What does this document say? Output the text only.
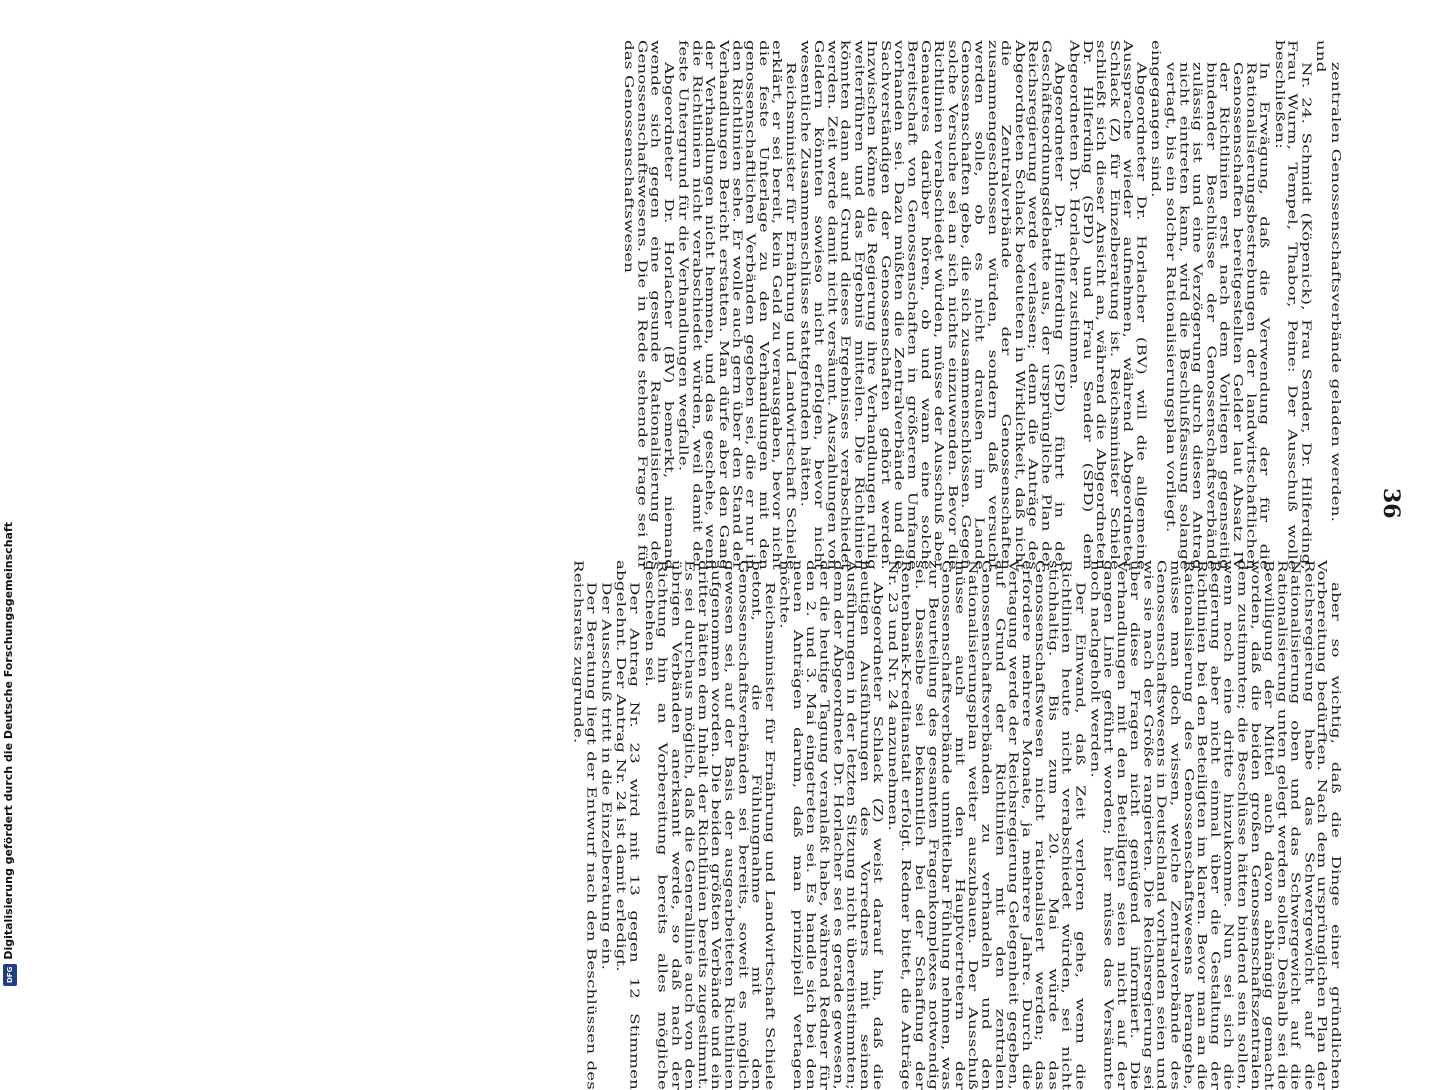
36

zentralen Genossenschaftsverbände geladen werden.

und

Nr. 24. Schmidt (Köpenick), Frau Sender, Dr. Hilferding, Frau Wurm, Tempel, Thabor, Peine: Der Ausschuß wolle beschließen:

In Erwägung, daß die Verwendung der für die Rationalisierungsbestrebungen der landwirtschaftlichen Genossenschaften bereitgestellten Gelder laut Absatz IV der Richtlinien erst nach dem Vorliegen gegenseitig bindender Beschlüsse der Genossenschaftsverbände zulässig ist und eine Verzögerung durch diesen Antrag nicht eintreten kann, wird die Beschlußfassung solange vertagt, bis ein solcher Rationalisierungsplan vorliegt.

eingegangen sind.

Abgeordneter Dr. Horlacher (BV) will die allgemeine Aussprache wieder aufnehmen, während Abgeordneter Schlack (Z) für Einzelberatung ist. Reichsminister Schiele schließt sich dieser Ansicht an, während die Abgeordneten Dr. Hilferding (SPD) und Frau Sender (SPD) dem Abgeordneten Dr. Horlacher zustimmen.

Abgeordneter Dr. Hilferding (SPD) führt in der Geschäftsordnungsdebatte aus, der ursprüngliche Plan der Reichsregierung werde verlassen; denn die Anträge des Abgeordneten Schlack bedeuteten in Wirklichkeit, daß nicht die Zentralverbände der Genossenschaften zusammengeschlossen würden, sondern daß versucht werden solle, ob es nicht draußen im Lande Genossenschaften gebe, die sich zusammenschlössen. Gegen solche Versuche sei an sich nichts einzuwenden. Bevor die Richtlinien verabschiedet würden, müsse der Ausschuß aber Genaueres darüber hören, ob und wann eine solche Bereitschaft von Genossenschaften in größerem Umfange vorhanden sei. Dazu müßten die Zentralverbände und die Sachverständigen der Genossenschaften gehört werden. Inzwischen könne die Regierung ihre Verhandlungen ruhig weiterführen und das Ergebnis mitteilen. Die Richtlinien könnten dann auf Grund dieses Ergebnisses verabschiedet werden. Zeit werde damit nicht versäumt. Auszahlungen von Geldern könnten sowieso nicht erfolgen, bevor nicht wesentliche Zusammenschlüsse stattgefunden hätten.

Reichsminister für Ernährung und Landwirtschaft Schiele erklärt, er sei bereit, kein Geld zu verausgaben, bevor nicht die feste Unterlage zu den Verhandlungen mit den genossenschaftlichen Verbänden gegeben sei, die er nur in den Richtlinien sehe. Er wolle auch gern über den Stand der Verhandlungen Bericht erstatten. Man dürfe aber den Gang der Verhandlungen nicht hemmen, und das geschehe, wenn die Richtlinien nicht verabschiedet würden, weil damit der feste Untergrund für die Verhandlungen wegfalle.

Abgeordneter Dr. Horlacher (BV) bemerkt, niemand wende sich gegen eine gesunde Rationalisierung des Genossenschaftswesens. Die in Rede stehende Frage sei für das Genossenschaftswesen

aber so wichtig, daß die Dinge einer gründlichen Vorbereitung bedürften. Nach dem ursprünglichen Plan der Reichsregierung habe das Schwergewicht auf die Nationalisierung oben und das Schwergewicht auf die Rationalisierung unten gelegt werden sollen. Deshalb sei die Bewilligung der Mittel auch davon abhängig gemacht worden, daß die beiden großen Genossenschaftszentralen dem zustimmten; die Beschlüsse hätten bindend sein sollen, wenn noch eine dritte hinzukomme. Nun sei sich die Regierung aber nicht einmal über die Gestaltung der Richtlinien bei den Beteiligten im klaren. Bevor man an die Rationalisierung des Genossenschaftswesens herangehe, müsse man doch wissen, welche Zentralverbände des Genossenschaftswesens in Deutschland vorhanden seien und wie sie nach der Größe rangierten. Die Reichsregierung sei über diese Fragen nicht genügend informiert. Die Verhandlungen mit den Beteiligten seien nicht auf der gangen Linie geführt worden; hier müsse das Versäumte noch nachgeholt werden.

Der Einwand, daß Zeit verloren gehe, wenn die Richtlinien heute nicht verabschiedet würden, sei nicht stichhaltig. Bis zum 20. Mai würde das Genossenschaftswesen nicht rationalisiert werden; das erfordere mehrere Monate, ja mehrere Jahre. Durch die Vertagung werde der Reichsregierung Gelegenheit gegeben, auf Grund der Richtlinien mit den zentralen Genossenschaftsverbänden zu verhandeln und den Nationalisierungsplan weiter auszubauen. Der Ausschuß müsse auch mit den Hauptvertretern der Genossenschaftsverbände unmittelbar Fühlung nehmen, was zur Beurteilung des gesamten Fragenkomplexes notwendig sei. Dasselbe sei bekanntlich bei der Schaffung der Rentenbank-Kreditanstalt erfolgt. Redner bittet, die Anträge Nr. 23 und Nr. 24 anzunehmen.

Abgeordneter Schlack (Z) weist darauf hin, daß die heutigen Ausführungen des Vorredners mit seinen Ausführungen in der letzten Sitzung nicht übereinstimmten; denn der Abgeordnete Dr. Horlacher sei es gerade gewesen, der die heutige Tagung veranlaßt habe, während Redner für den 2. und 3. Mai eingetreten sei. Es handle sich bei den neuen Anträgen darum, daß man prinzipiell vertagen möchte.

Reichsminister für Ernährung und Landwirtschaft Schiele betont, die Fühlungnahme mit den Genossenschaftsverbänden sei bereits, soweit es möglich gewesen sei, auf der Basis der ausgearbeiteten Richtlinien aufgenommen worden. Die beiden größten Verbände und ein dritter hätten dem Inhalt der Richtlinien bereits zugestimmt. Es sei durchaus möglich, daß die Generallinie auch von den übrigen Verbänden anerkannt werde, so daß nach der Richtung hin an Vorbereitung bereits alles mögliche geschehen sei.

Der Antrag Nr. 23 wird mit 13 gegen 12 Stimmen abgelehnt. Der Antrag Nr. 24 ist damit erledigt.

Der Ausschuß tritt in die Einzelberatung ein.

Der Beratung liegt der Entwurf nach den Beschlüssen des Reichsrats zugrunde.

Digitalisierung gefördert durch die Deutsche Forschungsgemeinschaft

DFG
